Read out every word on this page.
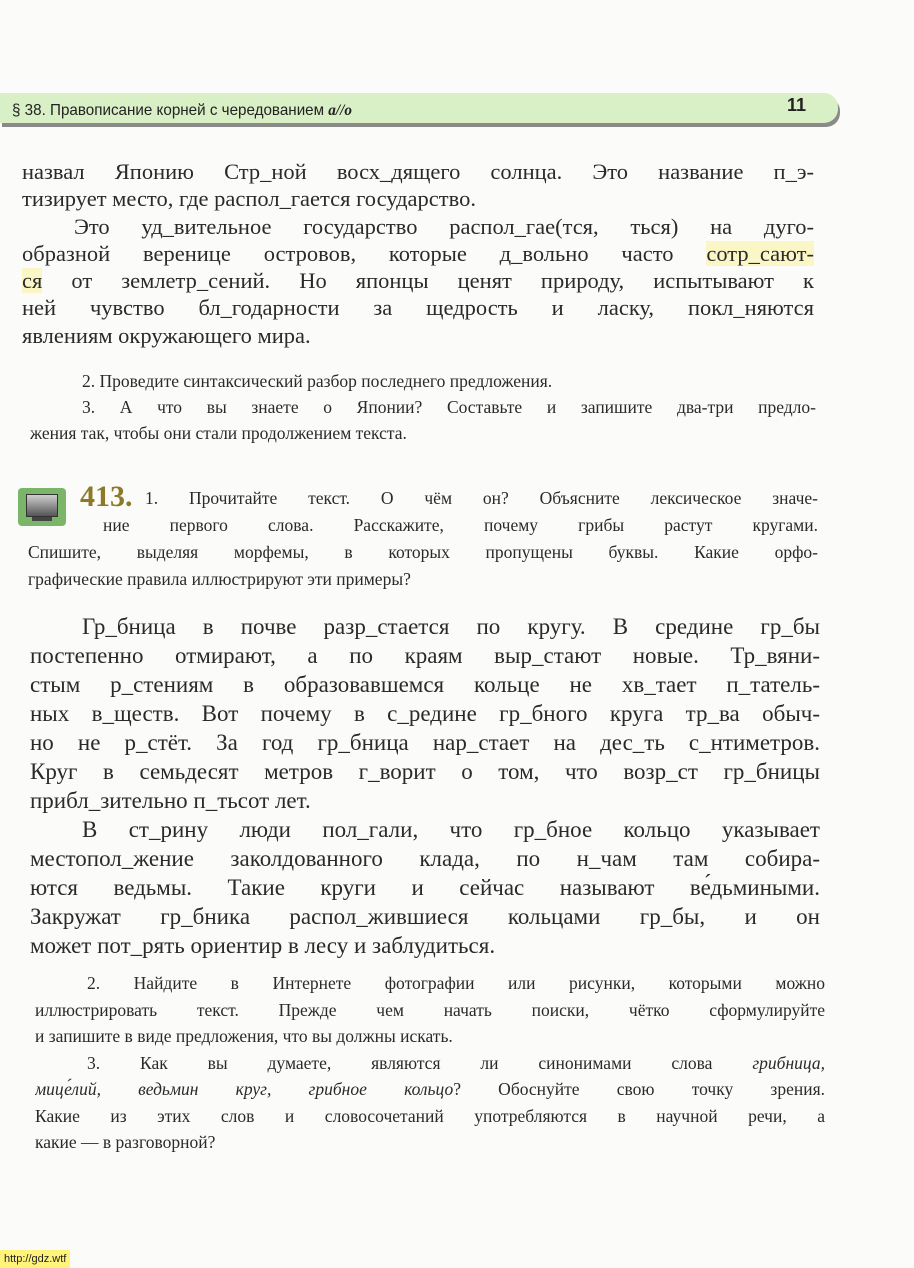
§ 38. Правописание корней с чередованием а//о	11
назвал Японию Стр_ной восх_дящего солнца. Это название п_э-
тизирует место, где распол_гается государство.
Это уд_вительное государство распол_гае(тся, ться) на дуго-
образной веренице островов, которые д_вольно часто сотр_сают-
ся от землетр_сений. Но японцы ценят природу, испытывают к
ней чувство бл_годарности за щедрость и ласку, покл_няются
явлениям окружающего мира.
2. Проведите синтаксический разбор последнего предложения.
3. А что вы знаете о Японии? Составьте и запишите два-три предло-
жения так, чтобы они стали продолжением текста.
413. 1. Прочитайте текст. О чём он? Объясните лексическое значе-
ние первого слова. Расскажите, почему грибы растут кругами.
Спишите, выделяя морфемы, в которых пропущены буквы. Какие орфо-
графические правила иллюстрируют эти примеры?
Гр_бница в почве разр_стается по кругу. В средине гр_бы
постепенно отмирают, а по краям выр_стают новые. Тр_вяни-
стым р_стениям в образовавшемся кольце не хв_тает п_татель-
ных в_ществ. Вот почему в с_редине гр_бного круга тр_ва обыч-
но не р_стёт. За год гр_бница нар_стает на дес_ть с_нтиметров.
Круг в семьдесят метров г_ворит о том, что возр_ст гр_бницы
прибл_зительно п_тьсот лет.
В ст_рину люди пол_гали, что гр_бное кольцо указывает
местопол_жение заколдованного клада, по н_чам там собира-
ются ведьмы. Такие круги и сейчас называют ве́дьмиными.
Закружат гр_бника распол_жившиеся кольцами гр_бы, и он
может пот_рять ориентир в лесу и заблудиться.
2. Найдите в Интернете фотографии или рисунки, которыми можно
иллюстрировать текст. Прежде чем начать поиски, чётко сформулируйте
и запишите в виде предложения, что вы должны искать.
3. Как вы думаете, являются ли синонимами слова грибница,
мице́лий, ведьмин круг, грибное кольцо? Обоснуйте свою точку зрения.
Какие из этих слов и словосочетаний употребляются в научной речи, а
какие — в разговорной?
http://gdz.wtf
